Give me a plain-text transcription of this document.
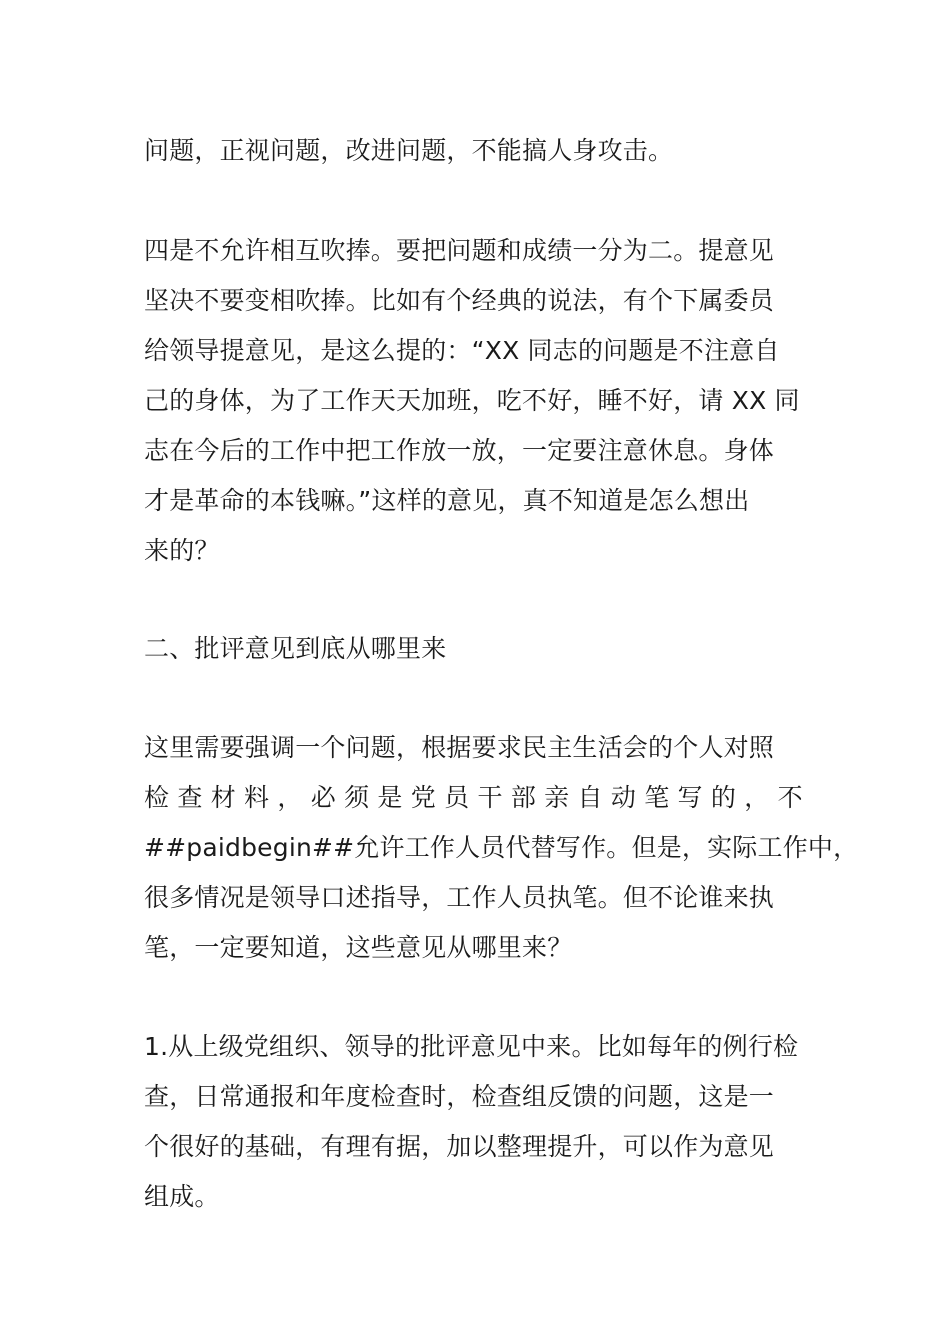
问题，正视问题，改进问题，不能搞人身攻击。
四是不允许相互吹捧。要把问题和成绩一分为二。提意见
坚决不要变相吹捧。比如有个经典的说法，有个下属委员
给领导提意见，是这么提的：“XX 同志的问题是不注意自
己的身体，为了工作天天加班，吃不好，睡不好，请 XX 同
志在今后的工作中把工作放一放，一定要注意休息。身体
才是革命的本钱嘛。”这样的意见，真不知道是怎么想出
来的？
二、批评意见到底从哪里来
这里需要强调一个问题，根据要求民主生活会的个人对照
检 查 材 料 ， 必 须 是 党 员 干 部 亲 自 动 笔 写 的 ， 不
##paidbegin##允许工作人员代替写作。但是，实际工作中，
很多情况是领导口述指导，工作人员执笔。但不论谁来执
笔，一定要知道，这些意见从哪里来？
1.从上级党组织、领导的批评意见中来。比如每年的例行检
查，日常通报和年度检查时，检查组反馈的问题，这是一
个很好的基础，有理有据，加以整理提升，可以作为意见
组成。
